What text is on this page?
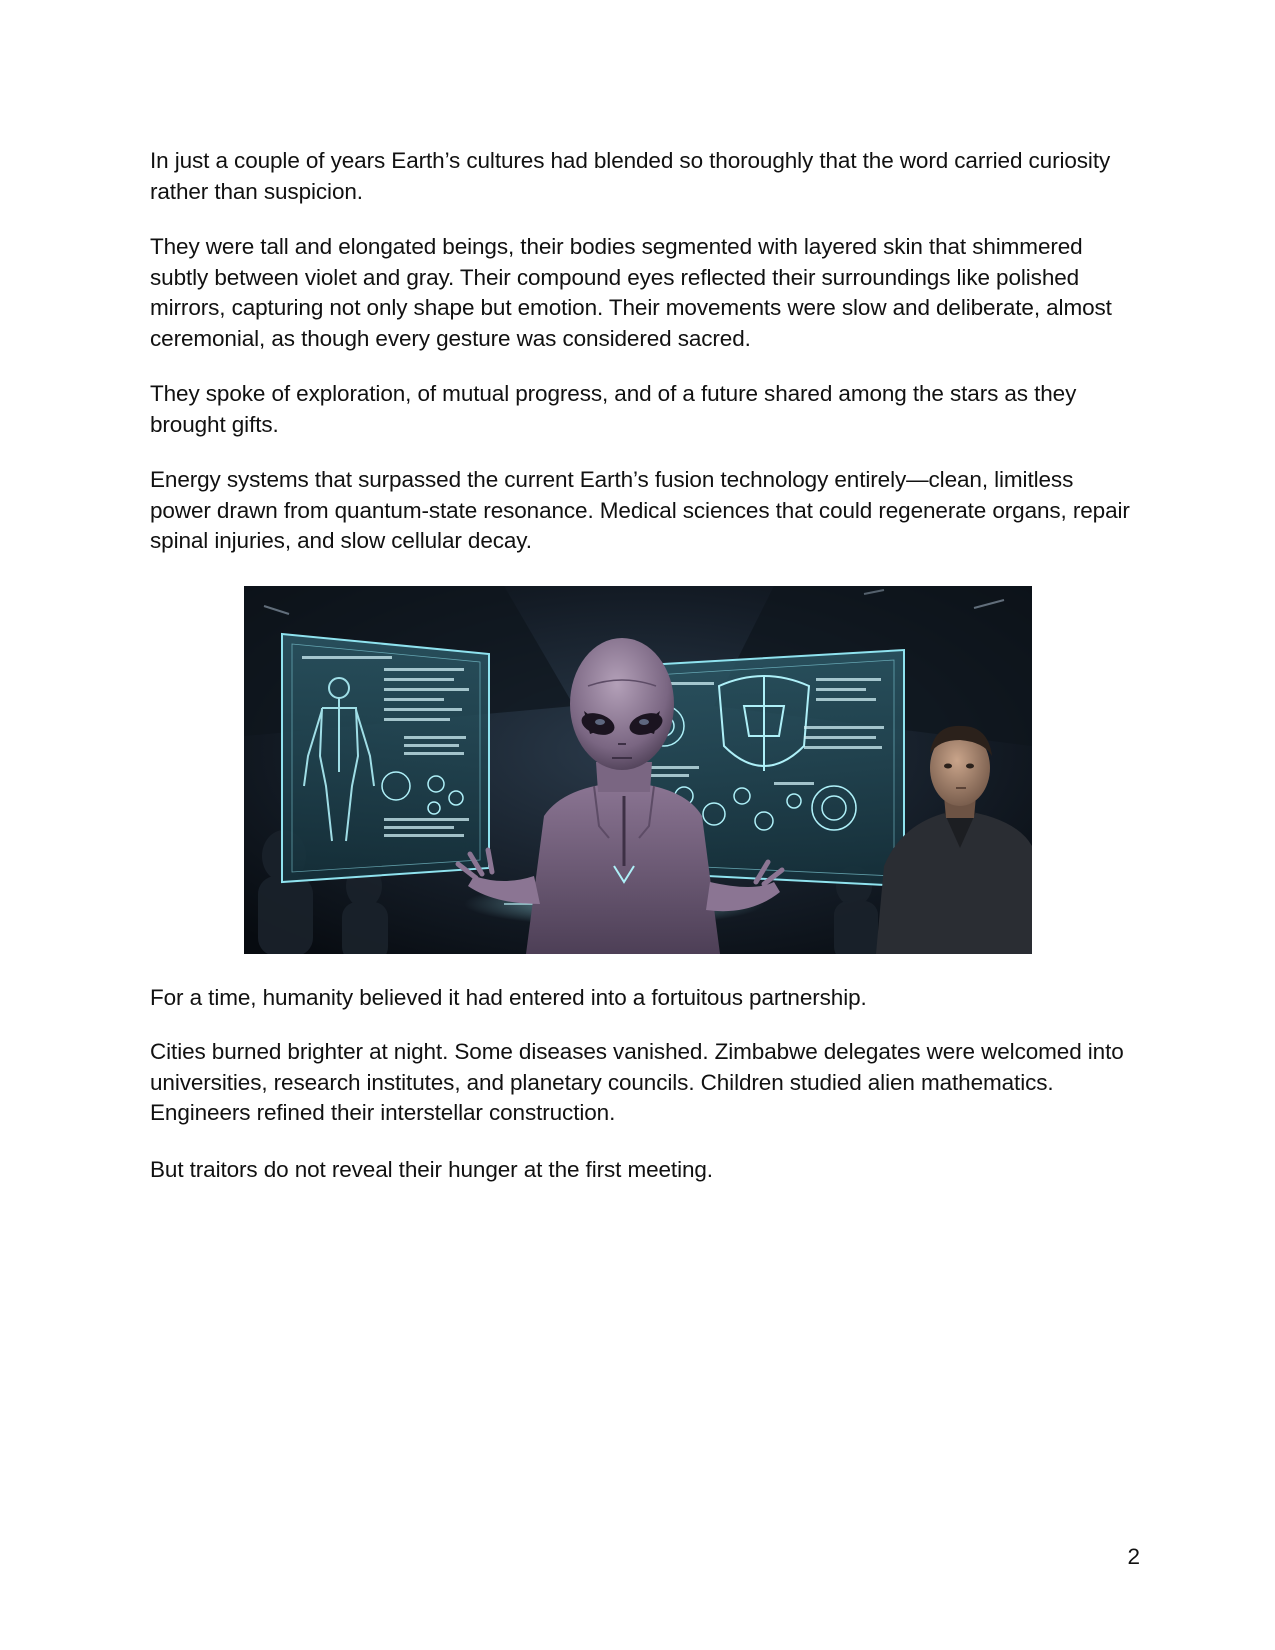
In just a couple of years Earth’s cultures had blended so thoroughly that the word carried curiosity rather than suspicion.

They were tall and elongated beings, their bodies segmented with layered skin that shimmered subtly between violet and gray. Their compound eyes reflected their surroundings like polished mirrors, capturing not only shape but emotion. Their movements were slow and deliberate, almost ceremonial, as though every gesture was considered sacred.

They spoke of exploration, of mutual progress, and of a future shared among the stars as they brought gifts.

Energy systems that surpassed the current Earth’s fusion technology entirely—clean, limitless power drawn from quantum-state resonance. Medical sciences that could regenerate organs, repair spinal injuries, and slow cellular decay.

For a time, humanity believed it had entered into a fortuitous partnership.

Cities burned brighter at night. Some diseases vanished. Zimbabwe delegates were welcomed into universities, research institutes, and planetary councils. Children studied alien mathematics. Engineers refined their interstellar construction.

But traitors do not reveal their hunger at the first meeting.

2
